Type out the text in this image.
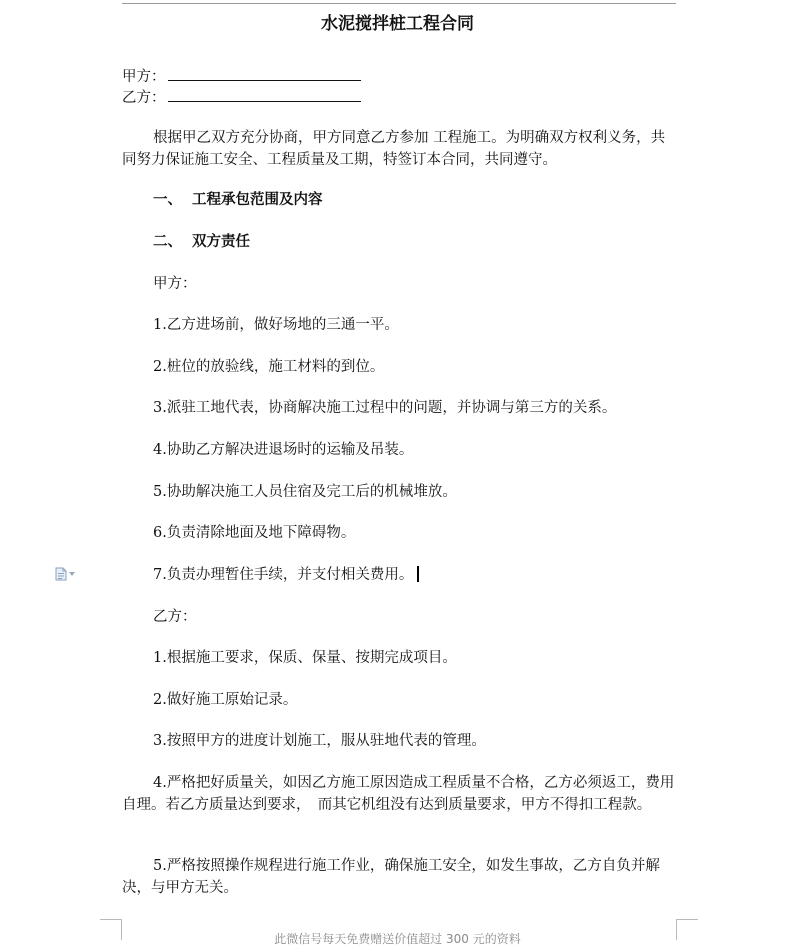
水泥搅拌桩工程合同
甲方：
乙方：

根据甲乙双方充分协商，甲方同意乙方参加 工程施工。为明确双方权利义务，共同努力保证施工安全、工程质量及工期，特签订本合同，共同遵守。

一、 工程承包范围及内容
二、 双方责任
甲方：
1.乙方进场前，做好场地的三通一平。
2.桩位的放验线，施工材料的到位。
3.派驻工地代表，协商解决施工过程中的问题，并协调与第三方的关系。
4.协助乙方解决进退场时的运输及吊装。
5.协助解决施工人员住宿及完工后的机械堆放。
6.负责清除地面及地下障碍物。
7.负责办理暂住手续，并支付相关费用。
乙方：
1.根据施工要求，保质、保量、按期完成项目。
2.做好施工原始记录。
3.按照甲方的进度计划施工，服从驻地代表的管理。

4.严格把好质量关，如因乙方施工原因造成工程质量不合格，乙方必须返工，费用自理。若乙方质量达到要求，　而其它机组没有达到质量要求，甲方不得扣工程款。

5.严格按照操作规程进行施工作业，确保施工安全，如发生事故，乙方自负并解决，与甲方无关。

此微信号每天免费赠送价值超过 300 元的资料
